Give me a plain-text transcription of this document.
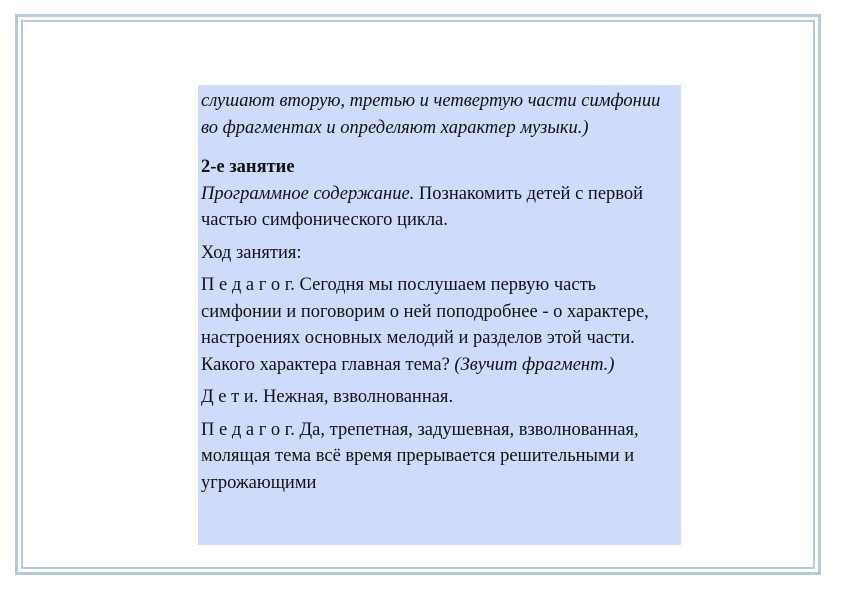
слушают вторую, третью и четвертую части симфонии во фрагментах и определяют характер музыки.)

2-е занятие
Программное содержание. Познакомить детей с первой частью симфонического цикла.

Ход занятия:

П е д а г о г. Сегодня мы послушаем первую часть симфонии и поговорим о ней поподробнее - о характере, настроениях основных мелодий и разделов этой части. Какого характера главная тема? (Звучит фрагмент.)

Д е т и. Нежная, взволнованная.

П е д а г о г. Да, трепетная, задушевная, взволнованная, молящая тема всё время прерывается решительными и угрожающими
